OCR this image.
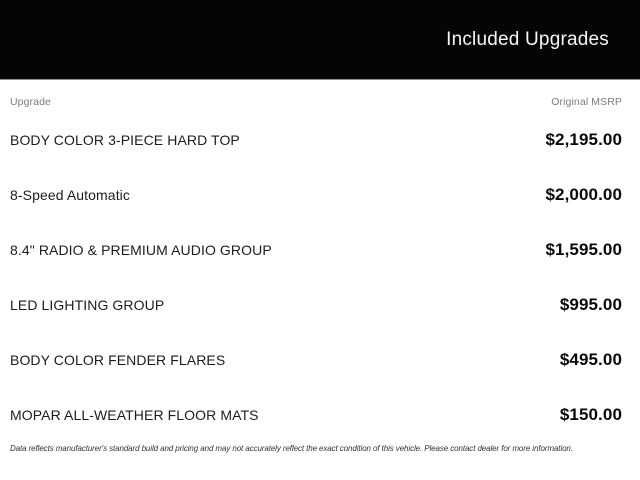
Included Upgrades
Upgrade	Original MSRP
BODY COLOR 3-PIECE HARD TOP	$2,195.00
8-Speed Automatic	$2,000.00
8.4" RADIO & PREMIUM AUDIO GROUP	$1,595.00
LED LIGHTING GROUP	$995.00
BODY COLOR FENDER FLARES	$495.00
MOPAR ALL-WEATHER FLOOR MATS	$150.00

Data reflects manufacturer's standard build and pricing and may not accurately reflect the exact condition of this vehicle. Please contact dealer for more information.
